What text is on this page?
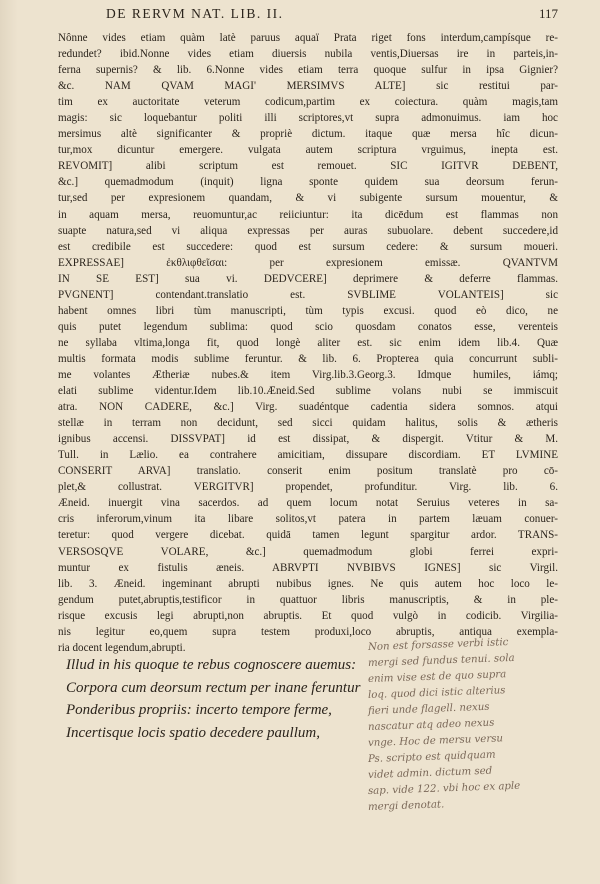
DE RERVM NAT. LIB. II.	117

Nônne vides etiam quàm latè paruus aquaï Prata riget fons interdum,campísque re-
redundet? ibid.Nonne vides etiam diuersis nubila ventis,Diuersas ire in parteis,in-
ferna supernis? & lib. 6.Nonne vides etiam terra quoque sulfur in ipsa Gignier?
&c. NAM QVAM MAGI' MERSIMVS ALTE] sic restitui par-
tim ex auctoritate veterum codicum,partim ex coiectura. quàm magis,tam
magis: sic loquebantur politi illi scriptores,vt supra admonuimus. iam hoc
mersimus altè significanter & propriè dictum. itaque quæ mersa hîc dicun-
tur,mox dicuntur emergere. vulgata autem scriptura vrguimus, inepta est.
REVOMIT] alibi scriptum est remouet. SIC IGITVR DEBENT,
&c.] quemadmodum (inquit) ligna sponte quidem sua deorsum ferun-
tur,sed per expresionem quandam, & vi subigente sursum mouentur, &
in aquam mersa, reuomuntur,ac reiiciuntur: ita dicēdum est flammas non
suapte natura,sed vi aliqua expressas per auras subuolare. debent succedere,id
est credibile est succedere: quod est sursum cedere: & sursum moueri.
EXPRESSAE] ἐκθλιφθεῖσαι: per expresionem emissæ. QVANTVM
IN SE EST] sua vi. DEDVCERE] deprimere & deferre flammas.
PVGNENT] contendant.translatio est. SVBLIME VOLANTEIS] sic
habent omnes libri tùm manuscripti, tùm typis excusi. quod eò dico, ne
quis putet legendum sublima: quod scio quosdam conatos esse, verenteis
ne syllaba vltima,longa fit, quod longè aliter est. sic enim idem lib.4. Quæ
multis formata modis sublime feruntur. & lib. 6. Propterea quia concurrunt subli-
me volantes Ætheriæ nubes.& item Virg.lib.3.Georg.3. Idmque humiles, iámq;
elati sublime videntur.Idem lib.10.Æneid.Sed sublime volans nubi se immiscuit
atra. NON CADERE, &c.] Virg. suadéntque cadentia sidera somnos. atqui
stellæ in terram non decidunt, sed sicci quidam halitus, solis & ætheris
ignibus accensi. DISSVPAT] id est dissipat, & dispergit. Vtitur & M.
Tull. in Lælio. ea contrahere amicitiam, dissupare discordiam. ET LVMINE
CONSERIT ARVA] translatio. conserit enim positum translatè pro cō-
plet,& collustrat. VERGITVR] propendet, profunditur. Virg. lib. 6.
Æneid. inuergit vina sacerdos. ad quem locum notat Seruius veteres in sa-
cris inferorum,vinum ita libare solitos,vt patera in partem læuam conuer-
teretur: quod vergere dicebat. quidā tamen legunt spargitur ardor. TRANS-
VERSOSQVE VOLARE, &c.] quemadmodum globi ferrei expri-
muntur ex fistulis æneis. ABRVPTI NVBIBVS IGNES] sic Virgil.
lib. 3. Æneid. ingeminant abrupti nubibus ignes. Ne quis autem hoc loco le-
gendum putet,abruptis,testificor in quattuor libris manuscriptis, & in ple-
risque excusis legi abrupti,non abruptis. Et quod vulgò in codicib. Virgilia-
nis legitur eo,quem supra testem produxi,loco abruptis, antiqua exempla-
ria docent legendum,abrupti.

Illud in his quoque te rebus cognoscere auemus:
Corpora cum deorsum rectum per inane feruntur
Ponderibus propriis: incerto tempore ferme,
Incertisque locis spatio decedere paullum,
Non est forsasse verbi istic
mergi sed fundus tenui. sola
enim vise est de quo supra
loq. quod dici istic alterius
fieri unde flagell. nexus
nascatur atq adeo nexus
vnge. Hoc de mersu versu
Ps. scripto est quidquam
videt admin. dictum sed
sap. vide 122. vbi hoc ex aple
mergi denotat.
